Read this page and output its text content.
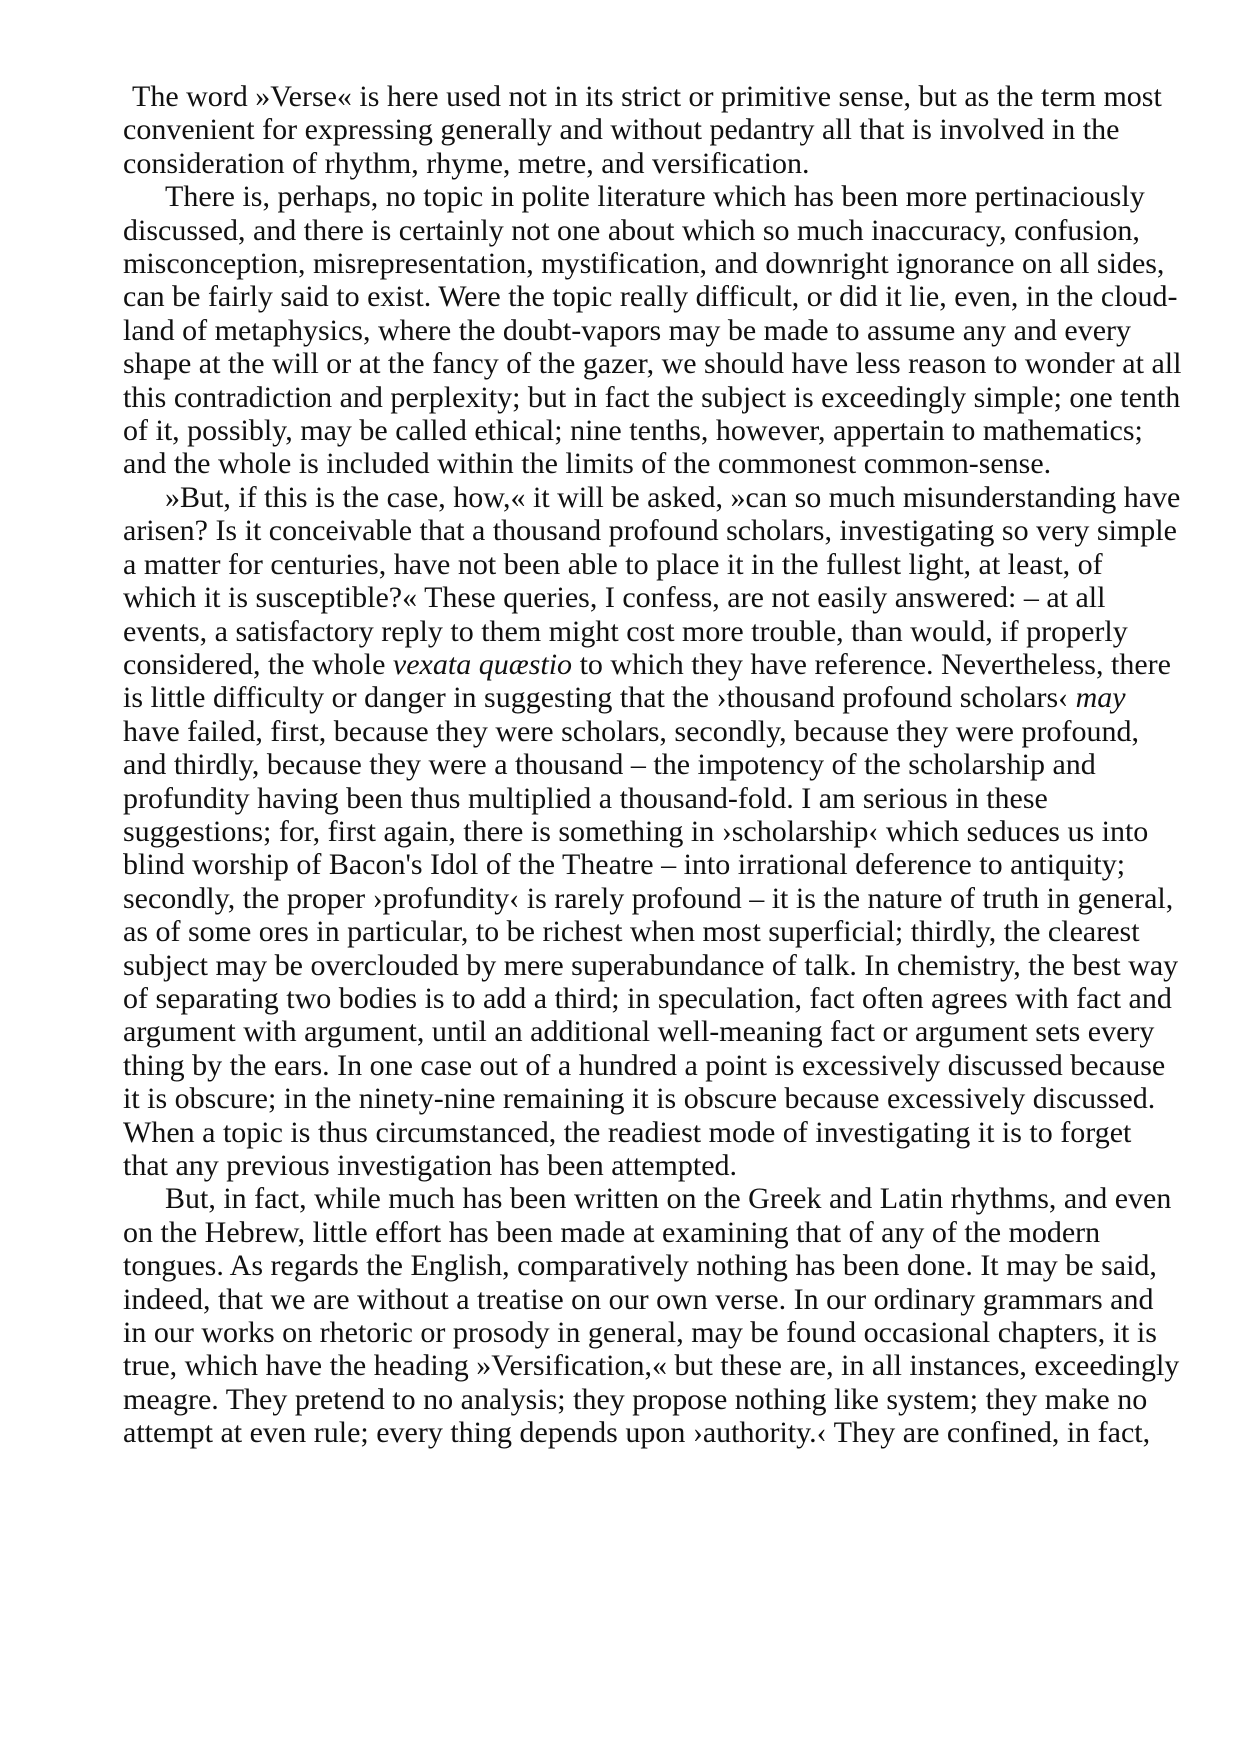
The word »Verse« is here used not in its strict or primitive sense, but as the term most convenient for expressing generally and without pedantry all that is involved in the consideration of rhythm, rhyme, metre, and versification.

There is, perhaps, no topic in polite literature which has been more pertinaciously discussed, and there is certainly not one about which so much inaccuracy, confusion, misconception, misrepresentation, mystification, and downright ignorance on all sides, can be fairly said to exist. Were the topic really difficult, or did it lie, even, in the cloud-land of metaphysics, where the doubt-vapors may be made to assume any and every shape at the will or at the fancy of the gazer, we should have less reason to wonder at all this contradiction and perplexity; but in fact the subject is exceedingly simple; one tenth of it, possibly, may be called ethical; nine tenths, however, appertain to mathematics; and the whole is included within the limits of the commonest common-sense.

»But, if this is the case, how,« it will be asked, »can so much misunderstanding have arisen? Is it conceivable that a thousand profound scholars, investigating so very simple a matter for centuries, have not been able to place it in the fullest light, at least, of which it is susceptible?« These queries, I confess, are not easily answered: – at all events, a satisfactory reply to them might cost more trouble, than would, if properly considered, the whole vexata quæstio to which they have reference. Nevertheless, there is little difficulty or danger in suggesting that the ›thousand profound scholars‹ may have failed, first, because they were scholars, secondly, because they were profound, and thirdly, because they were a thousand – the impotency of the scholarship and profundity having been thus multiplied a thousand-fold. I am serious in these suggestions; for, first again, there is something in ›scholarship‹ which seduces us into blind worship of Bacon's Idol of the Theatre – into irrational deference to antiquity; secondly, the proper ›profundity‹ is rarely profound – it is the nature of truth in general, as of some ores in particular, to be richest when most superficial; thirdly, the clearest subject may be overclouded by mere superabundance of talk. In chemistry, the best way of separating two bodies is to add a third; in speculation, fact often agrees with fact and argument with argument, until an additional well-meaning fact or argument sets every thing by the ears. In one case out of a hundred a point is excessively discussed because it is obscure; in the ninety-nine remaining it is obscure because excessively discussed. When a topic is thus circumstanced, the readiest mode of investigating it is to forget that any previous investigation has been attempted.

But, in fact, while much has been written on the Greek and Latin rhythms, and even on the Hebrew, little effort has been made at examining that of any of the modern tongues. As regards the English, comparatively nothing has been done. It may be said, indeed, that we are without a treatise on our own verse. In our ordinary grammars and in our works on rhetoric or prosody in general, may be found occasional chapters, it is true, which have the heading »Versification,« but these are, in all instances, exceedingly meagre. They pretend to no analysis; they propose nothing like system; they make no attempt at even rule; every thing depends upon ›authority.‹ They are confined, in fact,
